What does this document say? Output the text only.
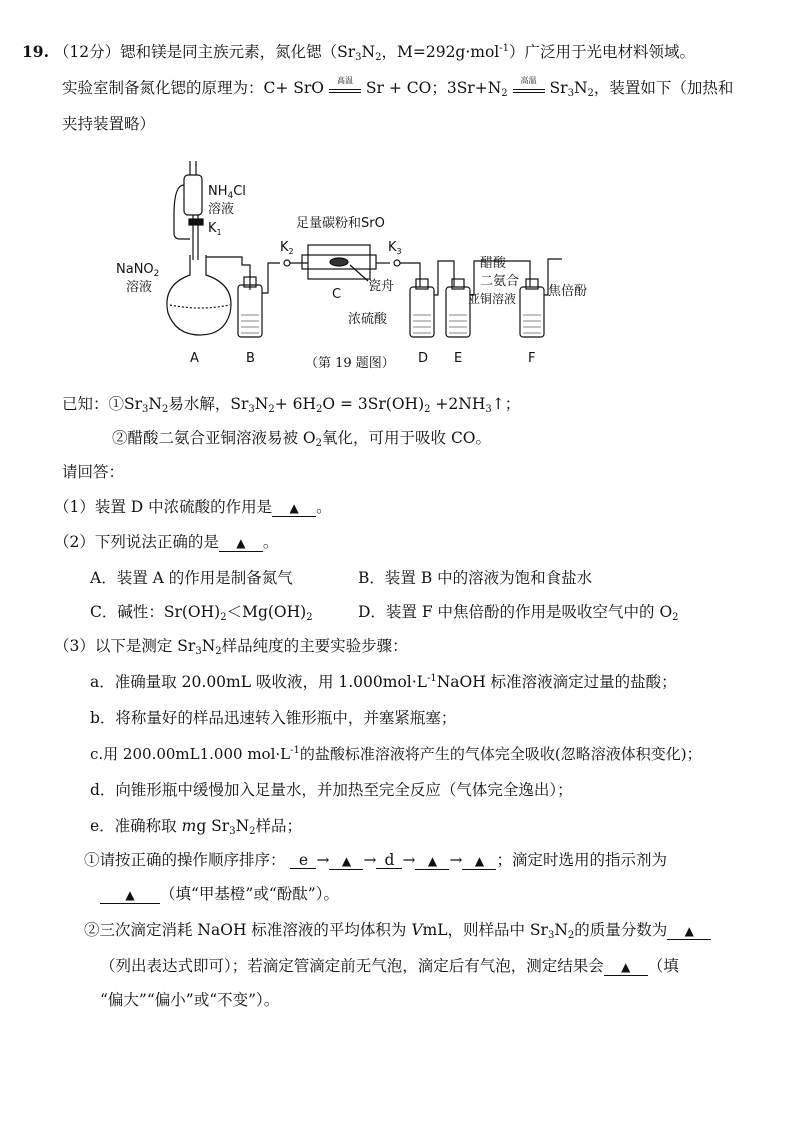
19. （12分）锶和镁是同主族元素，氮化锶（$Sr_3N_2$，M=292g·mol$^{-1}$）广泛用于光电材料领域。
实验室制备氮化锶的原理为：C+ SrO	高温 Sr + CO；$3Sr+N_2$
高温 $Sr_3N_2$，装置如下（加热和
夹持装置略）
$NH_4Cl$
溶液
$K_1$
NaNO$_2$
溶液
$K_2$
足量碳粉和SrO
$K_3$
瓷舟
醋酸
二氨合
亚铜溶液 焦倍酚
浓硫酸
A	B
C
D E	F
（第 19 题图）
已知：$①Sr_3N_2$易水解，$Sr_3N_2+ 6H_2O = 3Sr(OH)_2$ $+2NH_3↑$；
②醋酸二氨合亚铜溶液易被 $O_2$氧化，可用于吸收 CO。
请回答：
（1）装置 D 中浓硫酸的作用是 ▲ 。
（2）下列说法正确的是 ▲ 。
A．装置 A 的作用是制备氮气	B．装置 B 中的溶液为饱和食盐水
C．碱性：$Sr(OH)_2<Mg(OH)_2$	D．装置 F 中焦倍酚的作用是吸收空气中的 $O_2$
（3）以下是测定 $Sr_3N_2$样品纯度的主要实验步骤：
a．准确量取 20.00mL 吸收液，用 $1.000mol\cdot L^{-1}NaOH$ 标准溶液滴定过量的盐酸；
b．将称量好的样品迅速转入锥形瓶中，并塞紧瓶塞；
c.用 200.00mL1.000 $mol\cdot L^{-1}$的盐酸标准溶液将产生的气体完全吸收(忽略溶液体积变化)；
d．向锥形瓶中缓慢加入足量水，并加热至完全反应（气体完全逸出）；
e．准确称取 mg $Sr_3N_2$样品；
①请按正确的操作顺序排序： e → ▲ → d → ▲ → ▲ ；滴定时选用的指示剂为
▲ （填“甲基橙”或“酚酞”）。
②三次滴定消耗 NaOH 标准溶液的平均体积为 VmL，则样品中 $Sr_3N_2$的质量分数为 ▲
（列出表达式即可）；若滴定管滴定前无气泡，滴定后有气泡，测定结果会 ▲ （填
“偏大”“偏小”或“不变”）。
